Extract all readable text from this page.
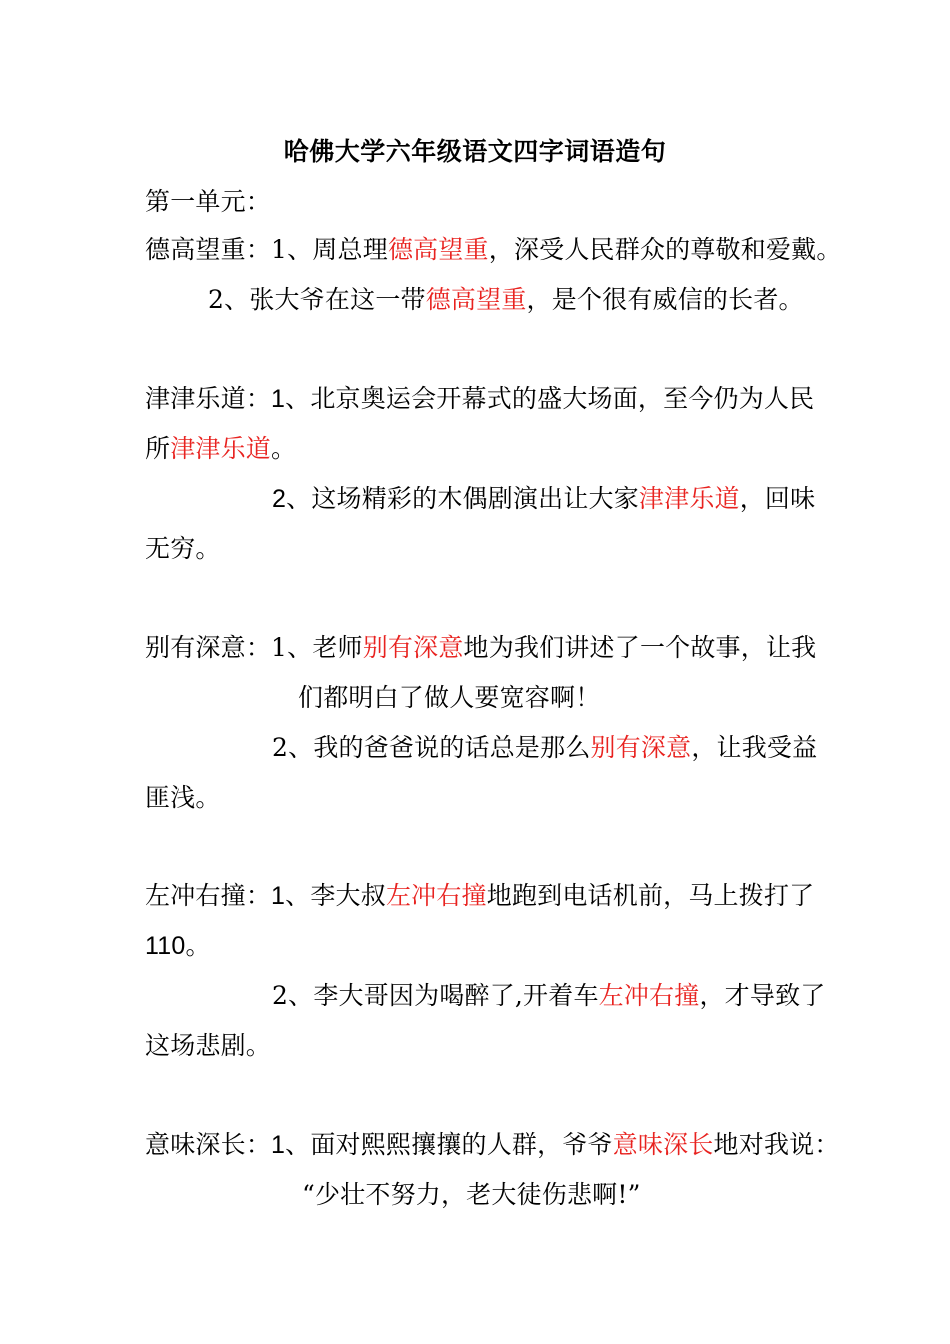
哈佛大学六年级语文四字词语造句
第一单元：
德高望重：1、周总理德高望重，深受人民群众的尊敬和爱戴。
2、张大爷在这一带德高望重，是个很有威信的长者。
津津乐道：1、北京奥运会开幕式的盛大场面，至今仍为人民
所津津乐道。
2、这场精彩的木偶剧演出让大家津津乐道，回味
无穷。
别有深意：1、老师别有深意地为我们讲述了一个故事，让我
们都明白了做人要宽容啊！
2、我的爸爸说的话总是那么别有深意，让我受益
匪浅。
左冲右撞：1、李大叔左冲右撞地跑到电话机前，马上拨打了
110。
2、李大哥因为喝醉了,开着车左冲右撞，才导致了
这场悲剧。
意味深长：1、面对熙熙攘攘的人群，爷爷意味深长地对我说：
“少壮不努力，老大徒伤悲啊!”
